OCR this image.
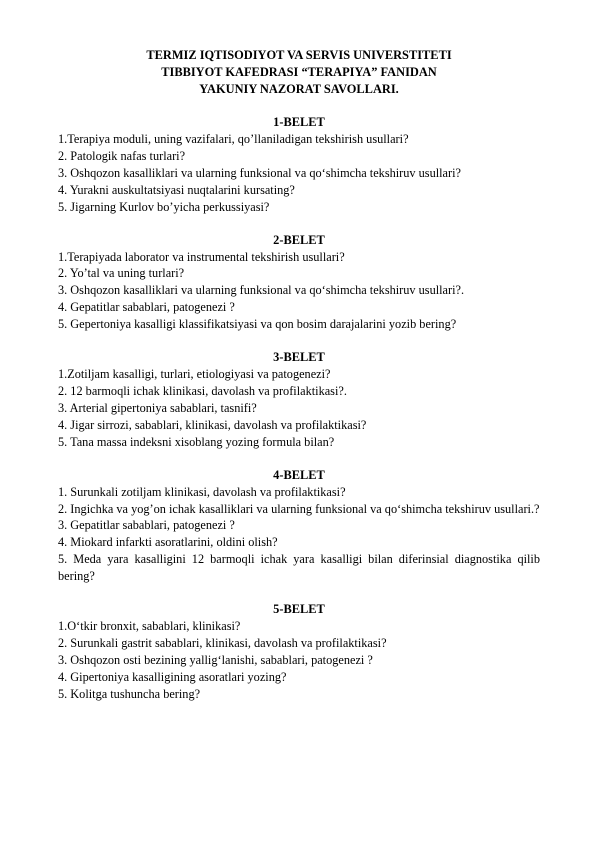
TERMIZ IQTISODIYOT VA SERVIS UNIVERSTITETI
TIBBIYOT KAFEDRASI “TERAPIYA” FANIDAN
YAKUNIY NAZORAT SAVOLLARI.
1-BELET
1.Terapiya moduli, uning vazifalari, qo’llaniladigan tekshirish usullari?
2. Patologik nafas turlari?
3. Oshqozon kasalliklari va ularning funksional va qo‘shimcha tekshiruv usullari?
4. Yurakni auskultatsiyasi nuqtalarini kursating?
5. Jigarning Kurlov bo’yicha perkussiyasi?
2-BELET
1.Terapiyada laborator va instrumental tekshirish usullari?
2. Yo’tal va uning turlari?
3. Oshqozon kasalliklari va ularning funksional va qo‘shimcha tekshiruv usullari?.
4. Gepatitlar sabablari, patogenezi ?
5. Gepertoniya kasalligi klassifikatsiyasi va qon bosim darajalarini yozib bering?
3-BELET
1.Zotiljam kasalligi, turlari, etiologiyasi va patogenezi?
2. 12 barmoqli ichak klinikasi, davolash va profilaktikasi?.
3. Arterial gipertoniya sabablari, tasnifi?
4. Jigar sirrozi, sabablari, klinikasi, davolash va profilaktikasi?
5. Tana massa indeksni xisoblang yozing formula bilan?
4-BELET
1. Surunkali zotiljam klinikasi, davolash va profilaktikasi?
2. Ingichka va yog’on ichak kasalliklari va ularning funksional va qo‘shimcha tekshiruv usullari.?
3. Gepatitlar sabablari, patogenezi ?
4. Miokard infarkti asoratlarini, oldini olish?
5. Meda yara kasalligini 12 barmoqli ichak yara kasalligi bilan diferinsial diagnostika qilib bering?
5-BELET
1.O‘tkir bronxit, sabablari, klinikasi?
2. Surunkali gastrit sabablari, klinikasi, davolash va profilaktikasi?
3. Oshqozon osti bezining yallig‘lanishi, sabablari, patogenezi ?
4. Gipertoniya kasalligining asoratlari yozing?
5. Kolitga tushuncha bering?
